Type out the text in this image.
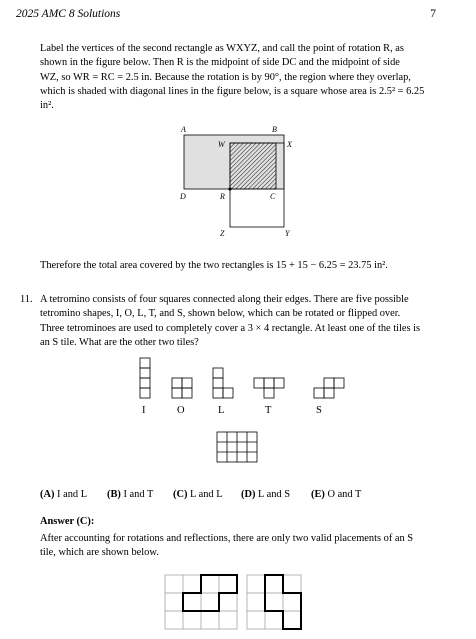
2025 AMC 8 Solutions	7
Label the vertices of the second rectangle as WXYZ, and call the point of rotation R, as
shown in the figure below. Then R is the midpoint of side DC and the midpoint of side
WZ, so WR = RC = 2.5 in. Because the rotation is by 90°, the region where they overlap,
which is shaded with diagonal lines in the figure below, is a square whose area is 2.5² = 6.25
in².
A	B
W	X
D	R	C
Z	Y
Therefore the total area covered by the two rectangles is 15 + 15 − 6.25 = 23.75 in².
11. A tetromino consists of four squares connected along their edges. There are five possible
tetromino shapes, I, O, L, T, and S, shown below, which can be rotated or flipped over.
Three tetrominoes are used to completely cover a 3 × 4 rectangle. At least one of the tiles is
an S tile. What are the other two tiles?
I	O	L	T	S
(A) I and L (B) I and T (C) L and L (D) L and S (E) O and T
Answer (C):
After accounting for rotations and reflections, there are only two valid placements of an S
tile, which are shown below.
